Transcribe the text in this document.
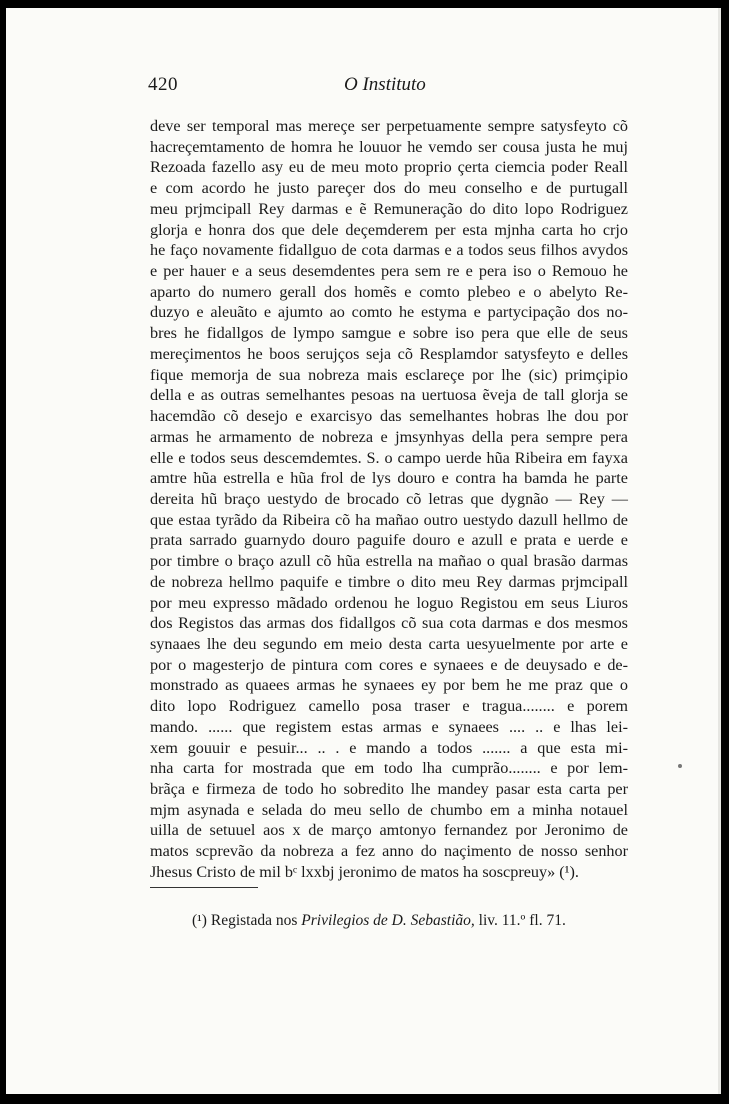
420	O Instituto
deve ser temporal mas mereçe ser perpetuamente sempre satysfeyto cõ
hacreçemtamento de homra he louuor he vemdo ser cousa justa he muj
Rezoada fazello asy eu de meu moto proprio çerta ciemcia poder Reall
e com acordo he justo pareçer dos do meu conselho e de purtugall
meu prjmcipall Rey darmas e ẽ Remuneração do dito lopo Rodriguez
glorja e honra dos que dele deçemderem per esta mjnha carta ho crjo
he faço novamente fidallguo de cota darmas e a todos seus filhos avydos
e per hauer e a seus desemdentes pera sem re e pera iso o Remouo he
aparto do numero gerall dos homẽs e comto plebeo e o abelyto Re-
duzyo e aleuãto e ajumto ao comto he estyma e partycipação dos no-
bres he fidallgos de lympo samgue e sobre iso pera que elle de seus
mereçimentos he boos serujços seja cõ Resplamdor satysfeyto e delles
fique memorja de sua nobreza mais esclareçe por lhe (sic) primçipio
della e as outras semelhantes pesoas na uertuosa ẽveja de tall glorja se
hacemdão cõ desejo e exarcisyo das semelhantes hobras lhe dou por
armas he armamento de nobreza e jmsynhyas della pera sempre pera
elle e todos seus descemdemtes. S. o campo uerde hũa Ribeira em fayxa
amtre hũa estrella e hũa frol de lys douro e contra ha bamda he parte
dereita hũ braço uestydo de brocado cõ letras que dygnão — Rey —
que estaa tyrãdo da Ribeira cõ ha mañao outro uestydo dazull hellmo de
prata sarrado guarnydo douro paguife douro e azull e prata e uerde e
por timbre o braço azull cõ hũa estrella na mañao o qual brasão darmas
de nobreza hellmo paquife e timbre o dito meu Rey darmas prjmcipall
por meu expresso mãdado ordenou he loguo Registou em seus Liuros
dos Registos das armas dos fidallgos cõ sua cota darmas e dos mesmos
synaaes lhe deu segundo em meio desta carta uesyuelmente por arte e
por o magesterjo de pintura com cores e synaees e de deuysado e de-
monstrado as quaees armas he synaees ey por bem he me praz que o
dito lopo Rodriguez camello posa traser e tragua........ e porem
mando. ...... que registem estas armas e synaees .... .. e lhas lei-
xem gouuir e pesuir... .. . e mando a todos ....... a que esta mi-
nha carta for mostrada que em todo lha cumprão........ e por lem-
brãça e firmeza de todo ho sobredito lhe mandey pasar esta carta per
mjm asynada e selada do meu sello de chumbo em a minha notauel
uilla de setuuel aos x de março amtonyo fernandez por Jeronimo de
matos scprevão da nobreza a fez anno do naçimento de nosso senhor
Jhesus Cristo de mil bᶜ lxxbj jeronimo de matos ha soscpreuy» (¹).
(¹) Registada nos Privilegios de D. Sebastião, liv. 11.º fl. 71.
